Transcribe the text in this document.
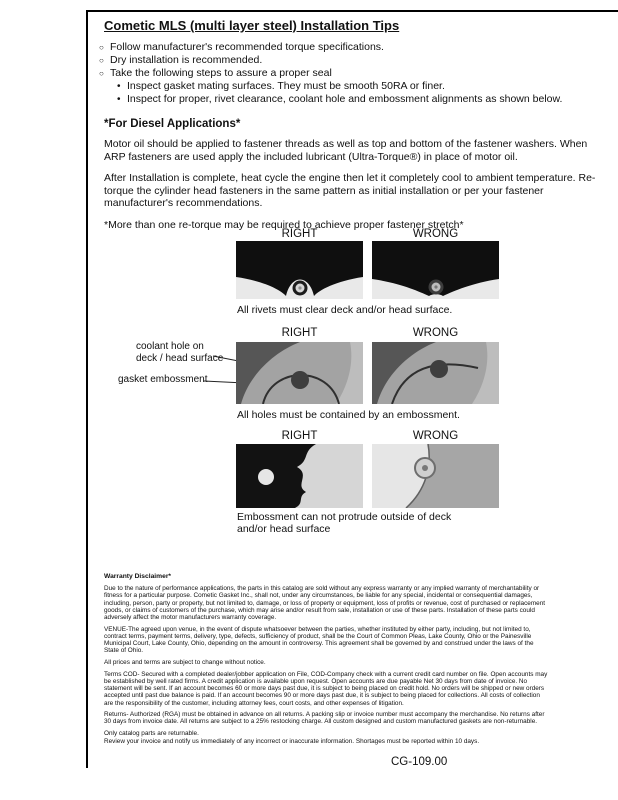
Cometic MLS (multi layer steel) Installation Tips
○ Follow manufacturer's recommended torque specifications.
○ Dry installation is recommended.
○ Take the following steps to assure a proper seal
• Inspect gasket mating surfaces. They must be smooth 50RA or finer.
• Inspect for proper, rivet clearance, coolant hole and embossment alignments as shown below.
*For Diesel Applications*
Motor oil should be applied to fastener threads as well as top and bottom of the fastener washers. When ARP fasteners are used apply the included lubricant (Ultra-Torque®) in place of motor oil.
After Installation is complete, heat cycle the engine then let it completely cool to ambient temperature. Re-torque the cylinder head fasteners in the same pattern as initial installation or per your fastener manufacturer's recommendations.
*More than one re-torque may be required to achieve proper fastener stretch*
RIGHT	WRONG
All rivets must clear deck and/or head surface.
RIGHT	WRONG
coolant hole on
deck / head surface
gasket embossment
All holes must be contained by an embossment.
RIGHT	WRONG
Embossment can not protrude outside of deck
and/or head surface
Warranty Disclaimer*
Due to the nature of performance applications, the parts in this catalog are sold without any express warranty or any implied warranty of merchantability or fitness for a particular purpose. Cometic Gasket Inc., shall not, under any circumstances, be liable for any special, incidental or consequential damages, including, person, party or property, but not limited to, damage, or loss of property or equipment, loss of profits or revenue, cost of purchased or replacement goods, or claims of customers of the purchase, which may arise and/or result from sale, installation or use of these parts. Installation of these parts could adversely affect the motor manufacturers warranty coverage.
VENUE-The agreed upon venue, in the event of dispute whatsoever between the parties, whether instituted by either party, including, but not limited to, contract terms, payment terms, delivery, type, defects, sufficiency of product, shall be the Court of Common Pleas, Lake County, Ohio or the Painesville Municipal Court, Lake County, Ohio, depending on the amount in controversy. This agreement shall be governed by and construed under the laws of the State of Ohio.
All prices and terms are subject to change without notice.
Terms COD- Secured with a completed dealer/jobber application on File, COD-Company check with a current credit card number on file. Open accounts may be established by well rated firms. A credit application is available upon request. Open accounts are due payable Net 30 days from date of invoice. No statement will be sent. If an account becomes 60 or more days past due, it is subject to being placed on credit hold. No orders will be shipped or new orders accepted until past due balance is paid. If an account becomes 90 or more days past due, it is subject to being placed for collections. All costs of collection are the responsibility of the customer, including attorney fees, court costs, and other expenses of litigation.
Returns- Authorized (RGA) must be obtained in advance on all returns. A packing slip or invoice number must accompany the merchandise. No returns after 30 days from invoice date. All returns are subject to a 25% restocking charge. All custom designed and custom manufactured gaskets are non-returnable.
Only catalog parts are returnable.
Review your invoice and notify us immediately of any incorrect or inaccurate information. Shortages must be reported within 10 days.
CG-109.00
